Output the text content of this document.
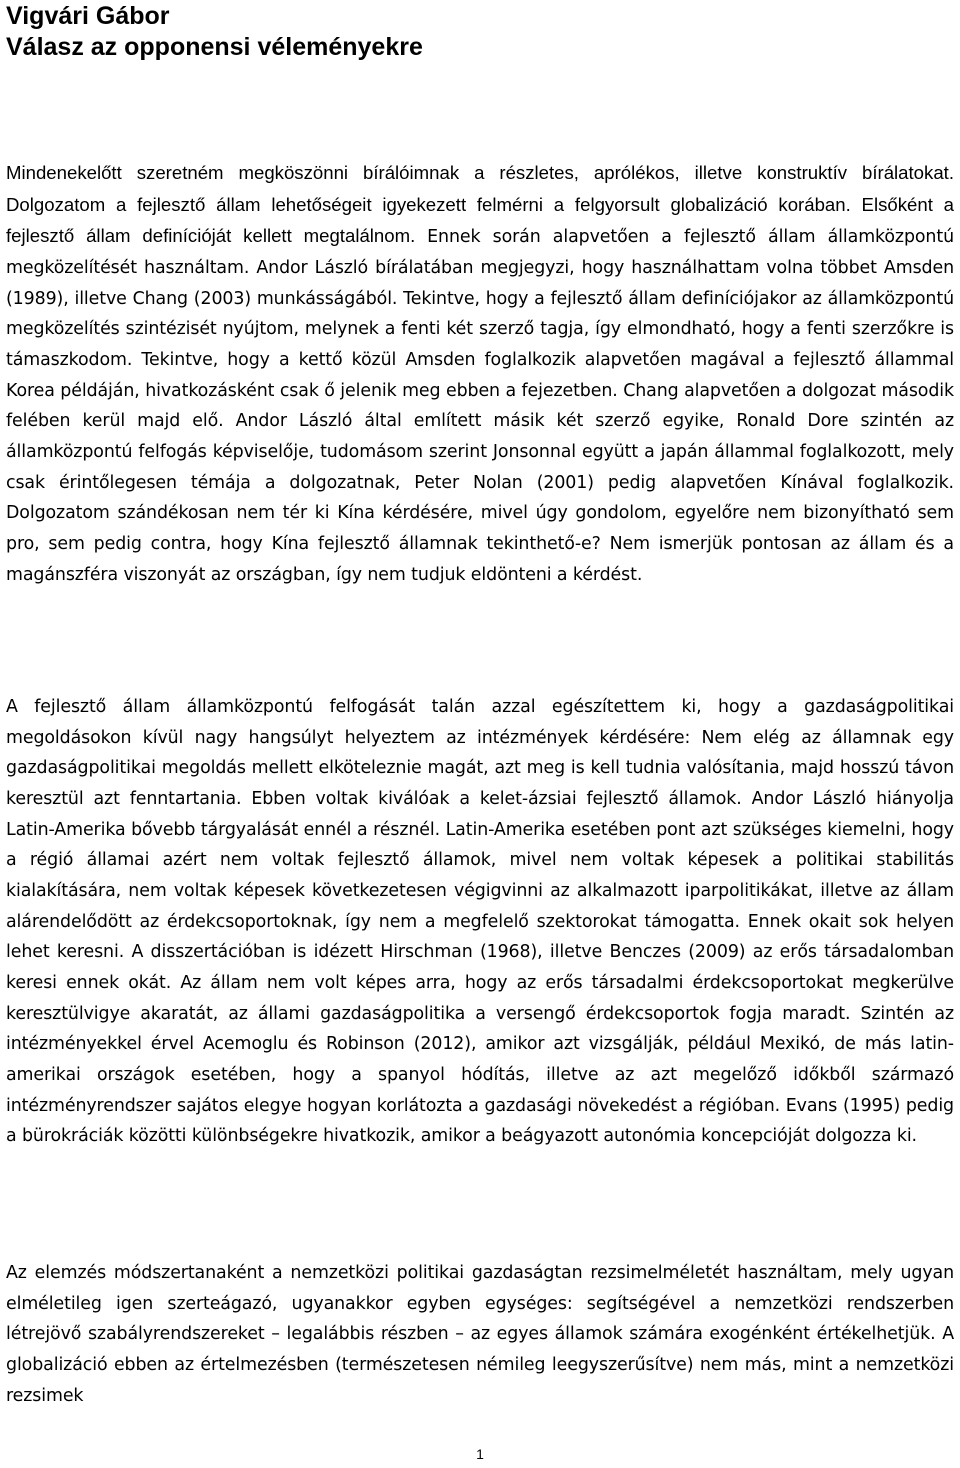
Vigvári Gábor
Válasz az opponensi véleményekre

Mindenekelőtt szeretném megköszönni bírálóimnak a részletes, aprólékos, illetve konstruktív bírálatokat. Dolgozatom a fejlesztő állam lehetőségeit igyekezett felmérni a felgyorsult globalizáció korában. Elsőként a fejlesztő állam definícióját kellett megtalálnom. Ennek során alapvetően a fejlesztő állam államközpontú megközelítését használtam. Andor László bírálatában megjegyzi, hogy használhattam volna többet Amsden (1989), illetve Chang (2003) munkásságából. Tekintve, hogy a fejlesztő állam definíciójakor az államközpontú megközelítés szintézisét nyújtom, melynek a fenti két szerző tagja, így elmondható, hogy a fenti szerzőkre is támaszkodom. Tekintve, hogy a kettő közül Amsden foglalkozik alapvetően magával a fejlesztő állammal Korea példáján, hivatkozásként csak ő jelenik meg ebben a fejezetben. Chang alapvetően a dolgozat második felében kerül majd elő. Andor László által említett másik két szerző egyike, Ronald Dore szintén az államközpontú felfogás képviselője, tudomásom szerint Jonsonnal együtt a japán állammal foglalkozott, mely csak érintőlegesen témája a dolgozatnak, Peter Nolan (2001) pedig alapvetően Kínával foglalkozik. Dolgozatom szándékosan nem tér ki Kína kérdésére, mivel úgy gondolom, egyelőre nem bizonyítható sem pro, sem pedig contra, hogy Kína fejlesztő államnak tekinthető-e? Nem ismerjük pontosan az állam és a magánszféra viszonyát az országban, így nem tudjuk eldönteni a kérdést.

A fejlesztő állam államközpontú felfogását talán azzal egészítettem ki, hogy a gazdaságpolitikai megoldásokon kívül nagy hangsúlyt helyeztem az intézmények kérdésére: Nem elég az államnak egy gazdaságpolitikai megoldás mellett elköteleznie magát, azt meg is kell tudnia valósítania, majd hosszú távon keresztül azt fenntartania. Ebben voltak kiválóak a kelet-ázsiai fejlesztő államok. Andor László hiányolja Latin-Amerika bővebb tárgyalását ennél a résznél. Latin-Amerika esetében pont azt szükséges kiemelni, hogy a régió államai azért nem voltak fejlesztő államok, mivel nem voltak képesek a politikai stabilitás kialakítására, nem voltak képesek következetesen végigvinni az alkalmazott iparpolitikákat, illetve az állam alárendelődött az érdekcsoportoknak, így nem a megfelelő szektorokat támogatta. Ennek okait sok helyen lehet keresni. A disszertációban is idézett Hirschman (1968), illetve Benczes (2009) az erős társadalomban keresi ennek okát. Az állam nem volt képes arra, hogy az erős társadalmi érdekcsoportokat megkerülve keresztülvigye akaratát, az állami gazdaságpolitika a versengő érdekcsoportok fogja maradt. Szintén az intézményekkel érvel Acemoglu és Robinson (2012), amikor azt vizsgálják, például Mexikó, de más latin-amerikai országok esetében, hogy a spanyol hódítás, illetve az azt megelőző időkből származó intézményrendszer sajátos elegye hogyan korlátozta a gazdasági növekedést a régióban. Evans (1995) pedig a bürokráciák közötti különbségekre hivatkozik, amikor a beágyazott autonómia koncepcióját dolgozza ki.

Az elemzés módszertanaként a nemzetközi politikai gazdaságtan rezsimelméletét használtam, mely ugyan elméletileg igen szerteágazó, ugyanakkor egyben egységes: segítségével a nemzetközi rendszerben létrejövő szabályrendszereket – legalábbis részben – az egyes államok számára exogénként értékelhetjük. A globalizáció ebben az értelmezésben (természetesen némileg leegyszerűsítve) nem más, mint a nemzetközi rezsimek

1
